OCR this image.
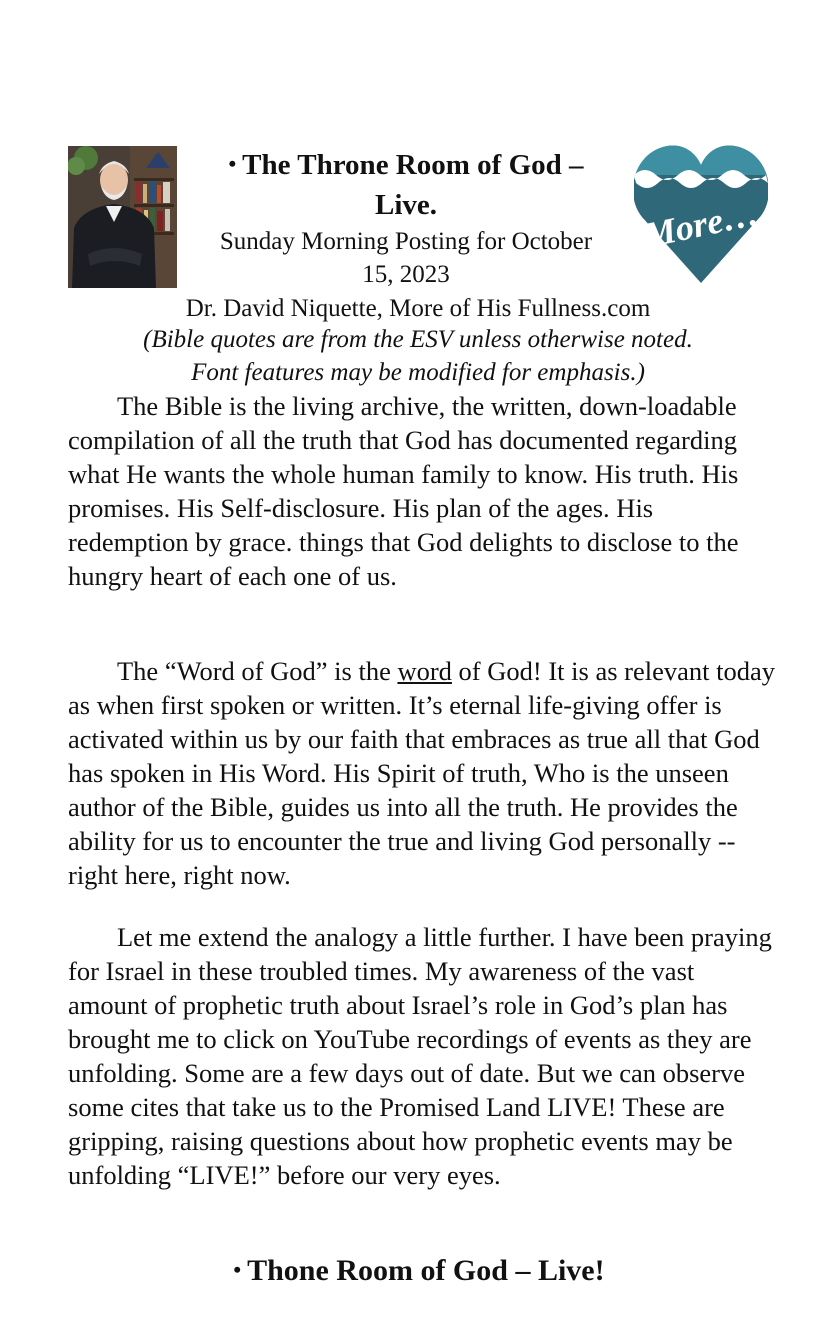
• The Throne Room of God –
Live.

Sunday Morning Posting for October
15, 2023

More…
Dr. David Niquette, More of His Fullness.com
(Bible quotes are from the ESV unless otherwise noted.
Font features may be modified for emphasis.)

The Bible is the living archive, the written, down-loadable compilation of all the truth that God has documented regarding what He wants the whole human family to know. His truth. His promises. His Self-disclosure. His plan of the ages. His redemption by grace. things that God delights to disclose to the hungry heart of each one of us.

The “Word of God” is the word of God! It is as relevant today as when first spoken or written. It’s eternal life-giving offer is activated within us by our faith that embraces as true all that God has spoken in His Word. His Spirit of truth, Who is the unseen author of the Bible, guides us into all the truth. He provides the ability for us to encounter the true and living God personally -- right here, right now.

Let me extend the analogy a little further. I have been praying for Israel in these troubled times. My awareness of the vast amount of prophetic truth about Israel’s role in God’s plan has brought me to click on YouTube recordings of events as they are unfolding. Some are a few days out of date. But we can observe some cites that take us to the Promised Land LIVE! These are gripping, raising questions about how prophetic events may be unfolding “LIVE!” before our very eyes.

• Thone Room of God – Live!
